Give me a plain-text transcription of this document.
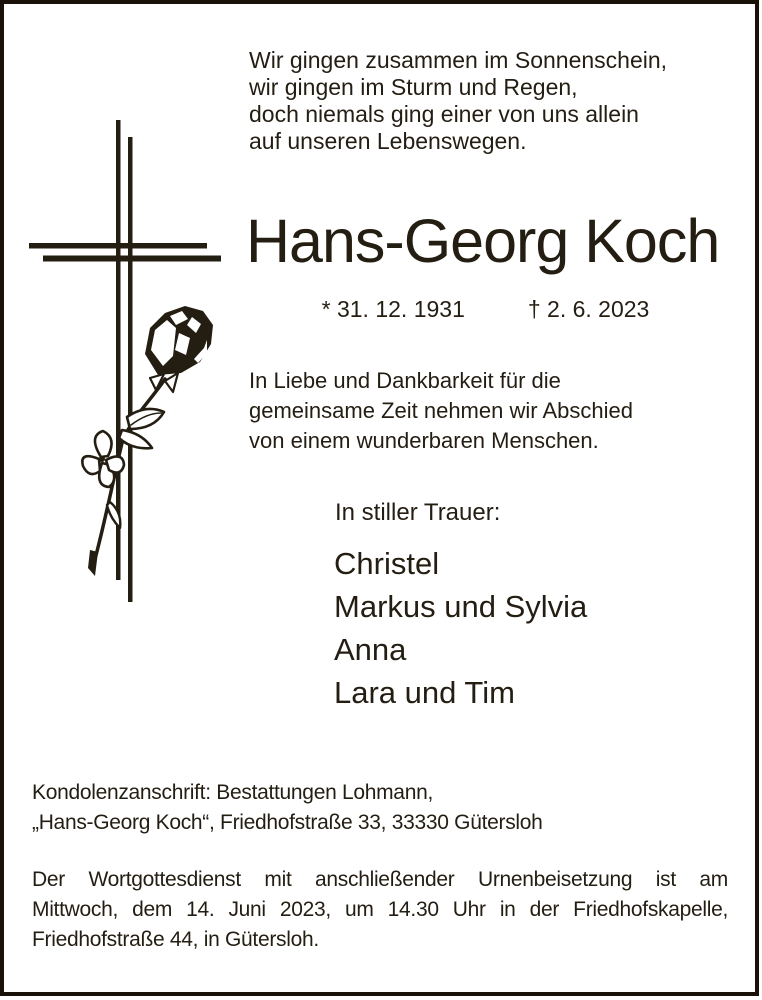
Wir gingen zusammen im Sonnenschein,
wir gingen im Sturm und Regen,
doch niemals ging einer von uns allein
auf unseren Lebenswegen.
Hans-Georg Koch
* 31. 12. 1931	† 2. 6. 2023
In Liebe und Dankbarkeit für die
gemeinsame Zeit nehmen wir Abschied
von einem wunderbaren Menschen.
In stiller Trauer:
Christel
Markus und Sylvia
Anna
Lara und Tim
Kondolenzanschrift: Bestattungen Lohmann,
„Hans-Georg Koch“, Friedhofstraße 33, 33330 Gütersloh
Der Wortgottesdienst mit anschließender Urnenbeisetzung ist am
Mittwoch, dem 14. Juni 2023, um 14.30 Uhr in der Friedhofskapelle,
Friedhofstraße 44, in Gütersloh.
